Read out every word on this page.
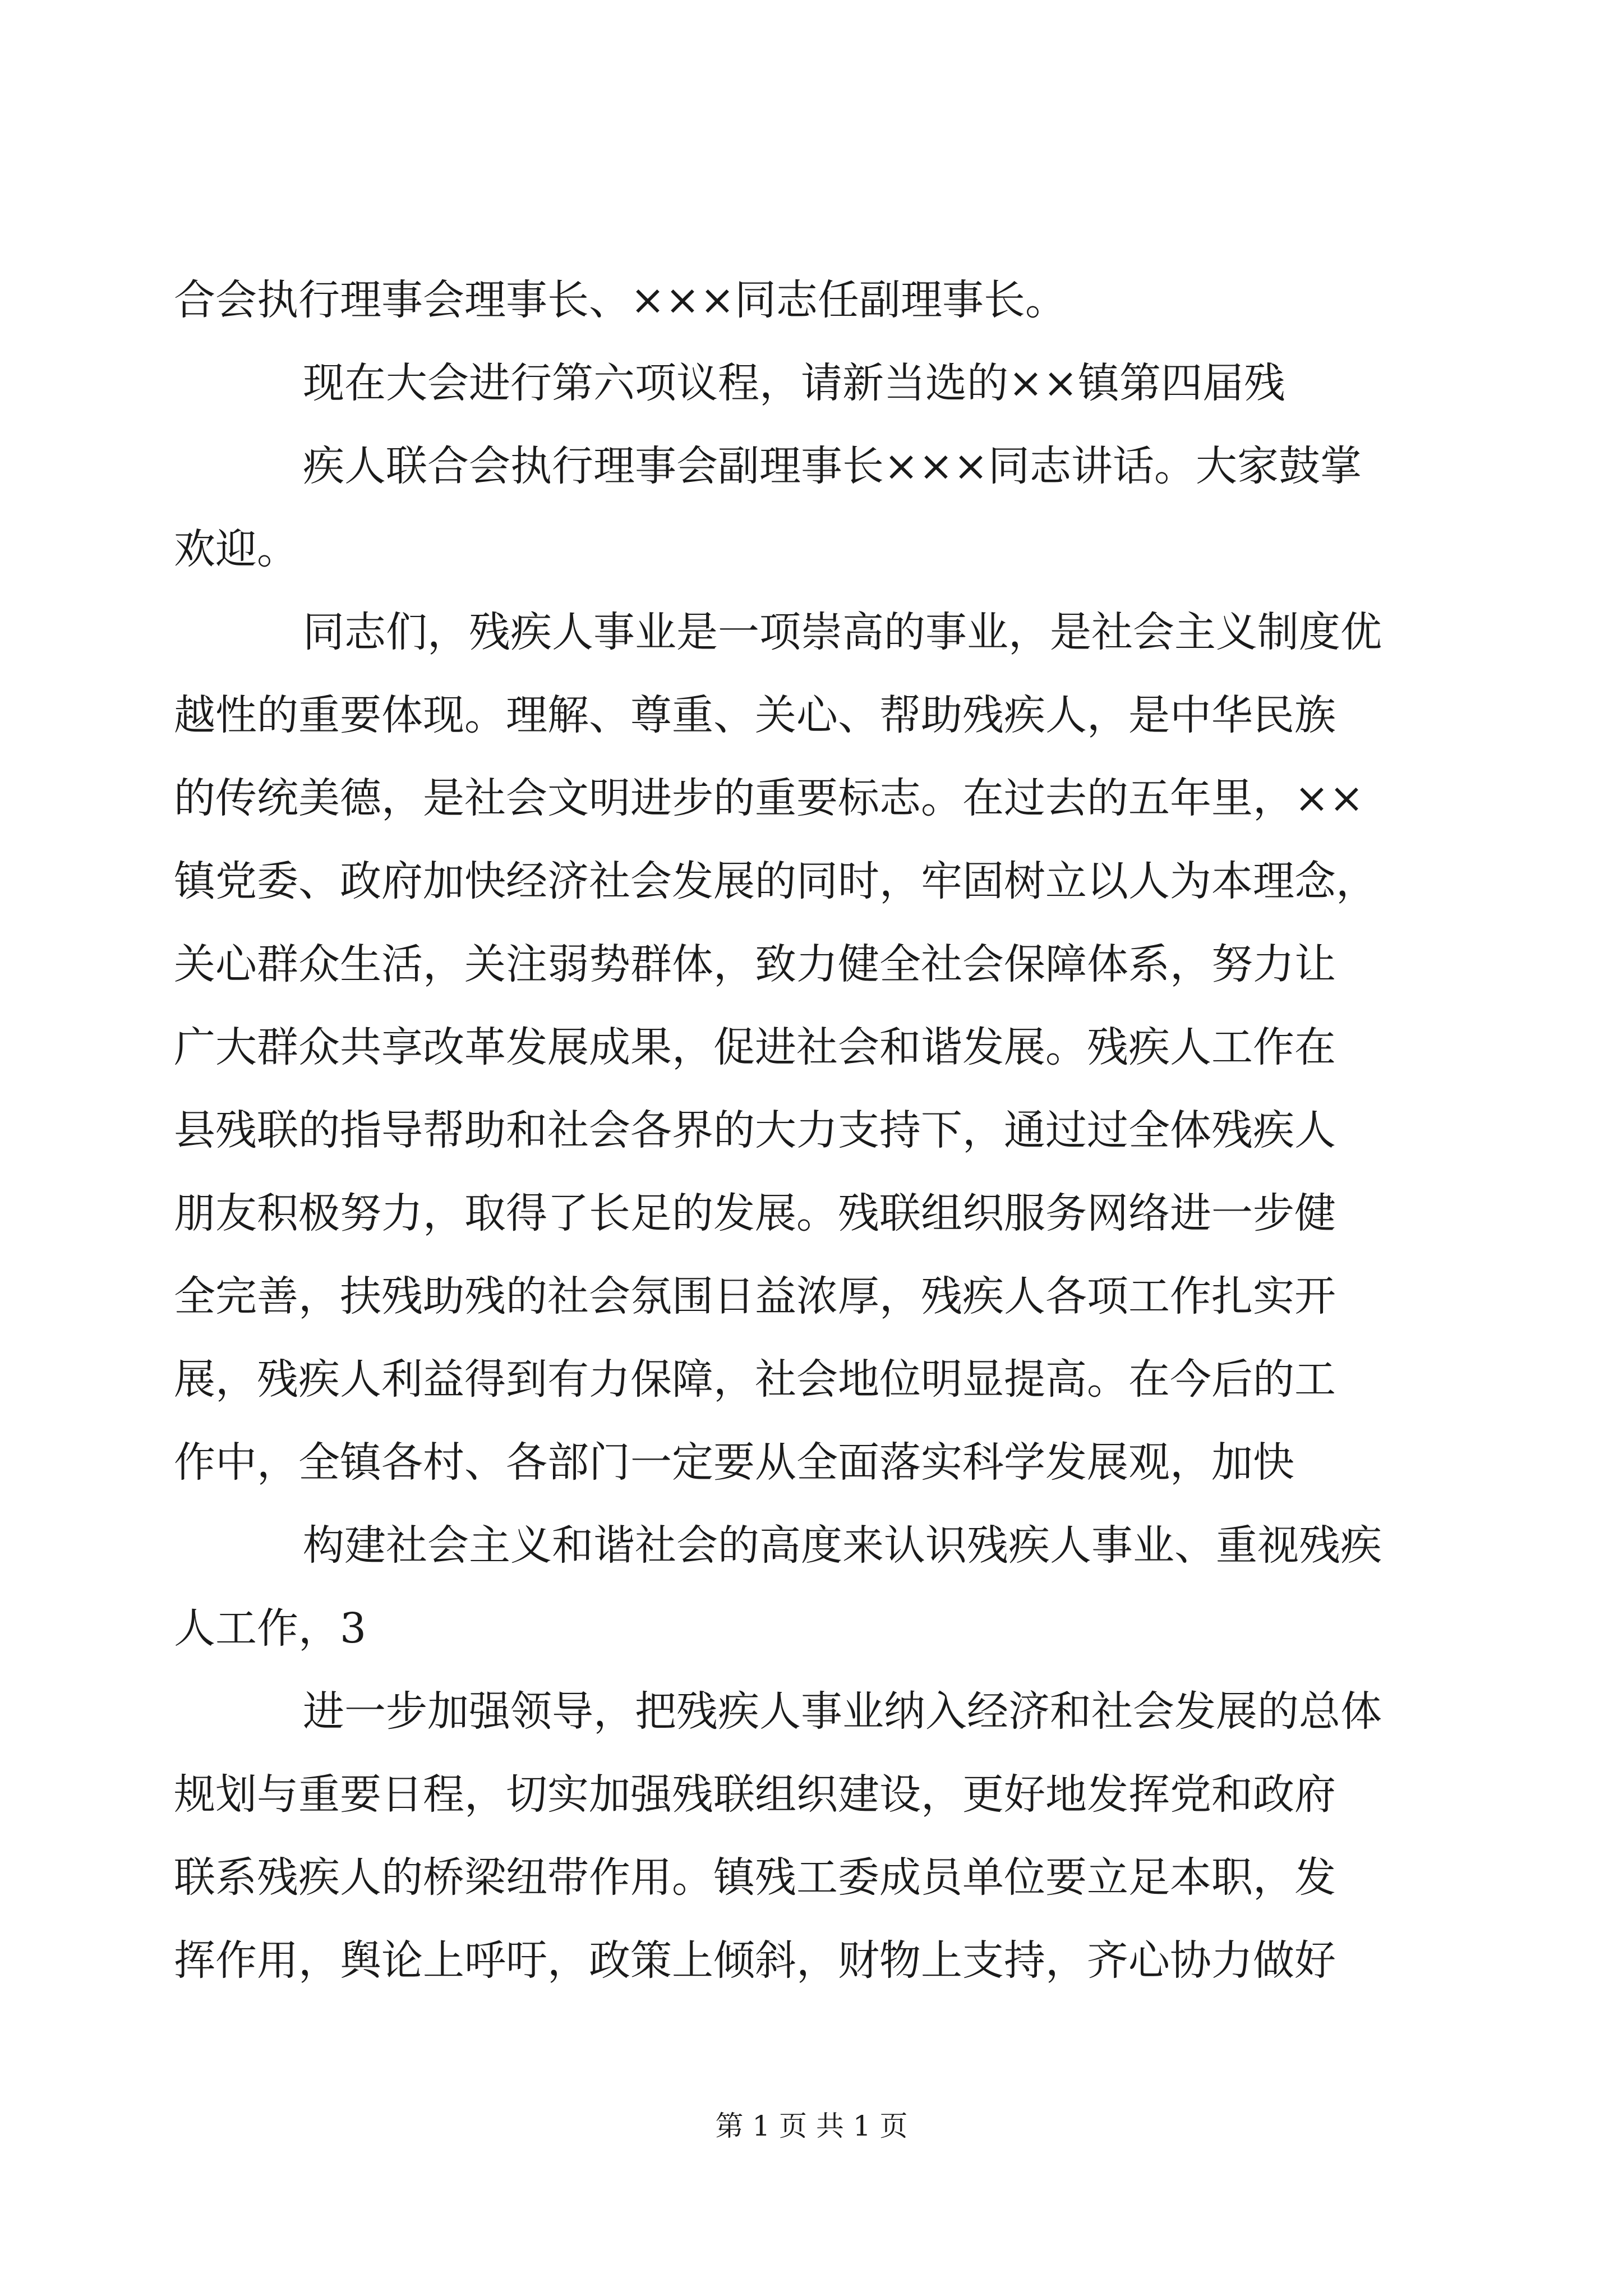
合会执行理事会理事长、×××同志任副理事长。
现在大会进行第六项议程，请新当选的××镇第四届残
疾人联合会执行理事会副理事长×××同志讲话。大家鼓掌
欢迎。
同志们，残疾人事业是一项崇高的事业，是社会主义制度优
越性的重要体现。理解、尊重、关心、帮助残疾人，是中华民族
的传统美德，是社会文明进步的重要标志。在过去的五年里，××
镇党委、政府加快经济社会发展的同时，牢固树立以人为本理念，
关心群众生活，关注弱势群体，致力健全社会保障体系，努力让
广大群众共享改革发展成果，促进社会和谐发展。残疾人工作在
县残联的指导帮助和社会各界的大力支持下，通过过全体残疾人
朋友积极努力，取得了长足的发展。残联组织服务网络进一步健
全完善，扶残助残的社会氛围日益浓厚，残疾人各项工作扎实开
展，残疾人利益得到有力保障，社会地位明显提高。在今后的工
作中，全镇各村、各部门一定要从全面落实科学发展观，加快
构建社会主义和谐社会的高度来认识残疾人事业、重视残疾
人工作，3
进一步加强领导，把残疾人事业纳入经济和社会发展的总体
规划与重要日程，切实加强残联组织建设，更好地发挥党和政府
联系残疾人的桥梁纽带作用。镇残工委成员单位要立足本职，发
挥作用，舆论上呼吁，政策上倾斜，财物上支持，齐心协力做好
第 1 页 共 1 页
